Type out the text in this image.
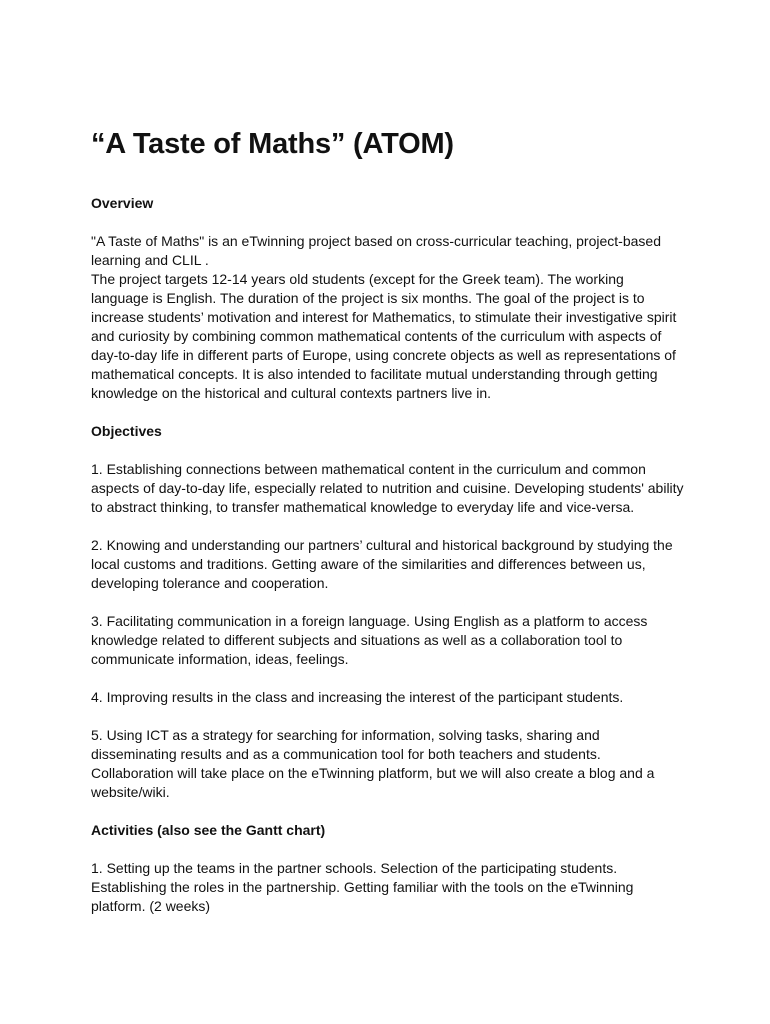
“A Taste of Maths” (ATOM)
Overview

"A Taste of Maths" is an eTwinning project based on cross-curricular teaching, project-based
learning and CLIL .

The project targets 12-14 years old students (except for the Greek team). The working
language is English. The duration of the project is six months. The goal of the project is to
increase students’ motivation and interest for Mathematics, to stimulate their investigative spirit
and curiosity by combining common mathematical contents of the curriculum with aspects of
day-to-day life in different parts of Europe, using concrete objects as well as representations of
mathematical concepts. It is also intended to facilitate mutual understanding through getting
knowledge on the historical and cultural contexts partners live in.

Objectives

1. Establishing connections between mathematical content in the curriculum and common
aspects of day-to-day life, especially related to nutrition and cuisine. Developing students' ability
to abstract thinking, to transfer mathematical knowledge to everyday life and vice-versa.

2. Knowing and understanding our partners’ cultural and historical background by studying the
local customs and traditions. Getting aware of the similarities and differences between us,
developing tolerance and cooperation.

3. Facilitating communication in a foreign language. Using English as a platform to access
knowledge related to different subjects and situations as well as a collaboration tool to
communicate information, ideas, feelings.

4. Improving results in the class and increasing the interest of the participant students.

5. Using ICT as a strategy for searching for information, solving tasks, sharing and
disseminating results and as a communication tool for both teachers and students.
Collaboration will take place on the eTwinning platform, but we will also create a blog and a
website/wiki.

Activities (also see the Gantt chart)

1. Setting up the teams in the partner schools. Selection of the participating students.
Establishing the roles in the partnership. Getting familiar with the tools on the eTwinning
platform. (2 weeks)
